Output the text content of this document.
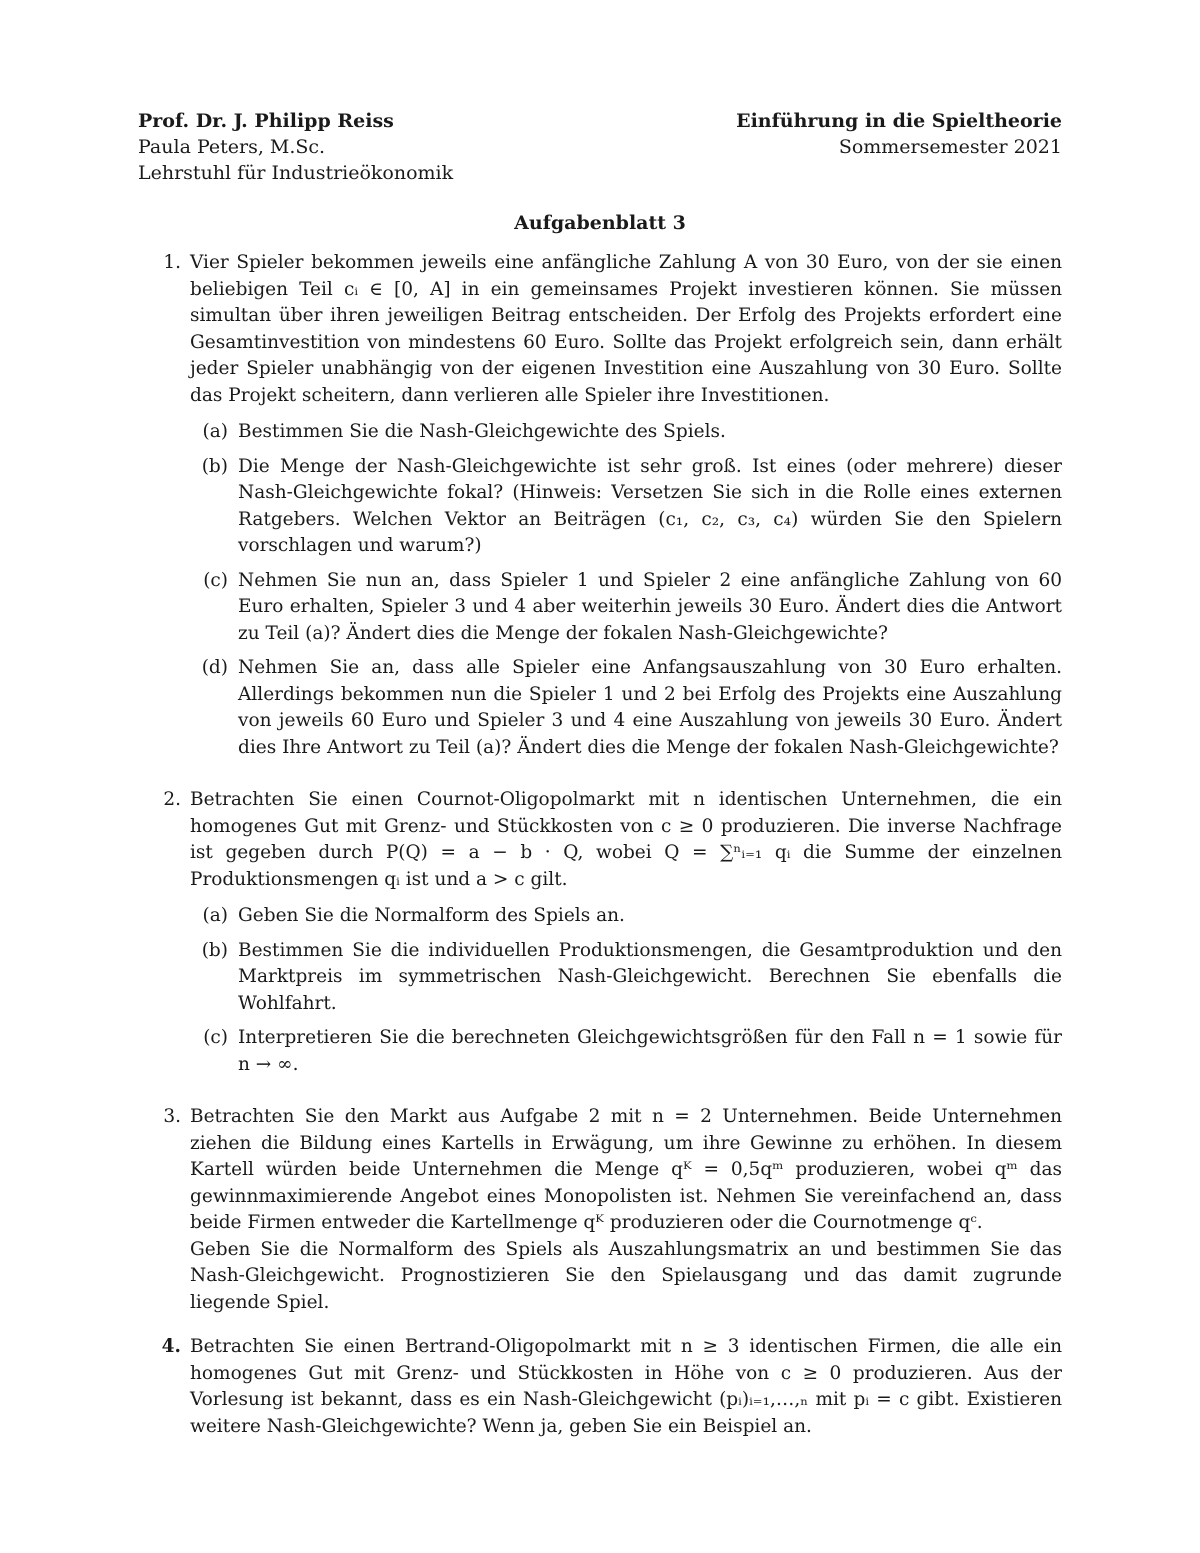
Prof. Dr. J. Philipp Reiss
Paula Peters, M.Sc.
Lehrstuhl für Industrieökonomik
Einführung in die Spieltheorie
Sommersemester 2021
Aufgabenblatt 3
1. Vier Spieler bekommen jeweils eine anfängliche Zahlung A von 30 Euro, von der sie einen beliebigen Teil cᵢ ∈ [0, A] in ein gemeinsames Projekt investieren können. Sie müssen simultan über ihren jeweiligen Beitrag entscheiden. Der Erfolg des Projekts erfordert eine Gesamtinvestition von mindestens 60 Euro. Sollte das Projekt erfolgreich sein, dann erhält jeder Spieler unabhängig von der eigenen Investition eine Auszahlung von 30 Euro. Sollte das Projekt scheitern, dann verlieren alle Spieler ihre Investitionen.

(a) Bestimmen Sie die Nash-Gleichgewichte des Spiels.

(b) Die Menge der Nash-Gleichgewichte ist sehr groß. Ist eines (oder mehrere) dieser Nash-Gleichgewichte fokal? (Hinweis: Versetzen Sie sich in die Rolle eines externen Ratgebers. Welchen Vektor an Beiträgen (c₁, c₂, c₃, c₄) würden Sie den Spielern vorschlagen und warum?)

(c) Nehmen Sie nun an, dass Spieler 1 und Spieler 2 eine anfängliche Zahlung von 60 Euro erhalten, Spieler 3 und 4 aber weiterhin jeweils 30 Euro. Ändert dies die Antwort zu Teil (a)? Ändert dies die Menge der fokalen Nash-Gleichgewichte?

(d) Nehmen Sie an, dass alle Spieler eine Anfangsauszahlung von 30 Euro erhalten. Allerdings bekommen nun die Spieler 1 und 2 bei Erfolg des Projekts eine Auszahlung von jeweils 60 Euro und Spieler 3 und 4 eine Auszahlung von jeweils 30 Euro. Ändert dies Ihre Antwort zu Teil (a)? Ändert dies die Menge der fokalen Nash-Gleichgewichte?

2. Betrachten Sie einen Cournot-Oligopolmarkt mit n identischen Unternehmen, die ein homogenes Gut mit Grenz- und Stückkosten von c ≥ 0 produzieren. Die inverse Nachfrage ist gegeben durch P(Q) = a − b · Q, wobei Q = ∑ⁿᵢ₌₁ qᵢ die Summe der einzelnen Produktionsmengen qᵢ ist und a > c gilt.

(a) Geben Sie die Normalform des Spiels an.

(b) Bestimmen Sie die individuellen Produktionsmengen, die Gesamtproduktion und den Marktpreis im symmetrischen Nash-Gleichgewicht. Berechnen Sie ebenfalls die Wohlfahrt.

(c) Interpretieren Sie die berechneten Gleichgewichtsgrößen für den Fall n = 1 sowie für n → ∞.

3. Betrachten Sie den Markt aus Aufgabe 2 mit n = 2 Unternehmen. Beide Unternehmen ziehen die Bildung eines Kartells in Erwägung, um ihre Gewinne zu erhöhen. In diesem Kartell würden beide Unternehmen die Menge qᴷ = 0,5qᵐ produzieren, wobei qᵐ das gewinnmaximierende Angebot eines Monopolisten ist. Nehmen Sie vereinfachend an, dass beide Firmen entweder die Kartellmenge qᴷ produzieren oder die Cournotmenge qᶜ.

Geben Sie die Normalform des Spiels als Auszahlungsmatrix an und bestimmen Sie das Nash-Gleichgewicht. Prognostizieren Sie den Spielausgang und das damit zugrunde liegende Spiel.

4. Betrachten Sie einen Bertrand-Oligopolmarkt mit n ≥ 3 identischen Firmen, die alle ein homogenes Gut mit Grenz- und Stückkosten in Höhe von c ≥ 0 produzieren. Aus der Vorlesung ist bekannt, dass es ein Nash-Gleichgewicht (pᵢ)ᵢ₌₁,…,ₙ mit pᵢ = c gibt. Existieren weitere Nash-Gleichgewichte? Wenn ja, geben Sie ein Beispiel an.
